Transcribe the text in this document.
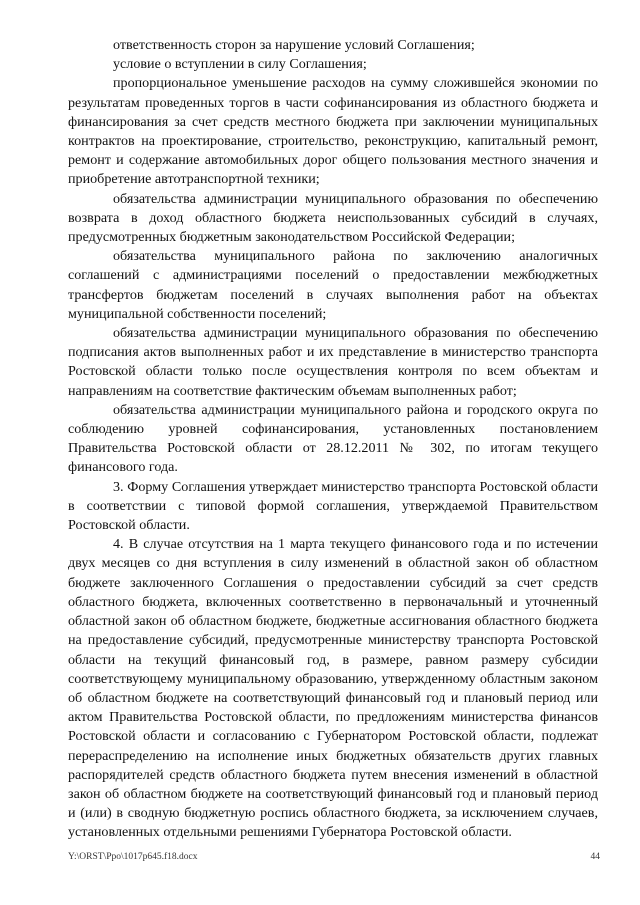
ответственность сторон за нарушение условий Соглашения;

условие о вступлении в силу Соглашения;

пропорциональное уменьшение расходов на сумму сложившейся экономии по результатам проведенных торгов в части софинансирования из областного бюджета и финансирования за счет средств местного бюджета при заключении муниципальных контрактов на проектирование, строительство, реконструкцию, капитальный ремонт, ремонт и содержание автомобильных дорог общего пользования местного значения и приобретение автотранспортной техники;

обязательства администрации муниципального образования по обеспечению возврата в доход областного бюджета неиспользованных субсидий в случаях, предусмотренных бюджетным законодательством Российской Федерации;

обязательства муниципального района по заключению аналогичных соглашений с администрациями поселений о предоставлении межбюджетных трансфертов бюджетам поселений в случаях выполнения работ на объектах муниципальной собственности поселений;

обязательства администрации муниципального образования по обеспечению подписания актов выполненных работ и их представление в министерство транспорта Ростовской области только после осуществления контроля по всем объектам и направлениям на соответствие фактическим объемам выполненных работ;

обязательства администрации муниципального района и городского округа по соблюдению уровней софинансирования, установленных постановлением Правительства Ростовской области от 28.12.2011 № 302, по итогам текущего финансового года.

3. Форму Соглашения утверждает министерство транспорта Ростовской области в соответствии с типовой формой соглашения, утверждаемой Правительством Ростовской области.

4. В случае отсутствия на 1 марта текущего финансового года и по истечении двух месяцев со дня вступления в силу изменений в областной закон об областном бюджете заключенного Соглашения о предоставлении субсидий за счет средств областного бюджета, включенных соответственно в первоначальный и уточненный областной закон об областном бюджете, бюджетные ассигнования областного бюджета на предоставление субсидий, предусмотренные министерству транспорта Ростовской области на текущий финансовый год, в размере, равном размеру субсидии соответствующему муниципальному образованию, утвержденному областным законом об областном бюджете на соответствующий финансовый год и плановый период или актом Правительства Ростовской области, по предложениям министерства финансов Ростовской области и согласованию с Губернатором Ростовской области, подлежат перераспределению на исполнение иных бюджетных обязательств других главных распорядителей средств областного бюджета путем внесения изменений в областной закон об областном бюджете на соответствующий финансовый год и плановый период и (или) в сводную бюджетную роспись областного бюджета, за исключением случаев, установленных отдельными решениями Губернатора Ростовской области.

Y:\ORST\Ppo\1017p645.f18.docx	44
